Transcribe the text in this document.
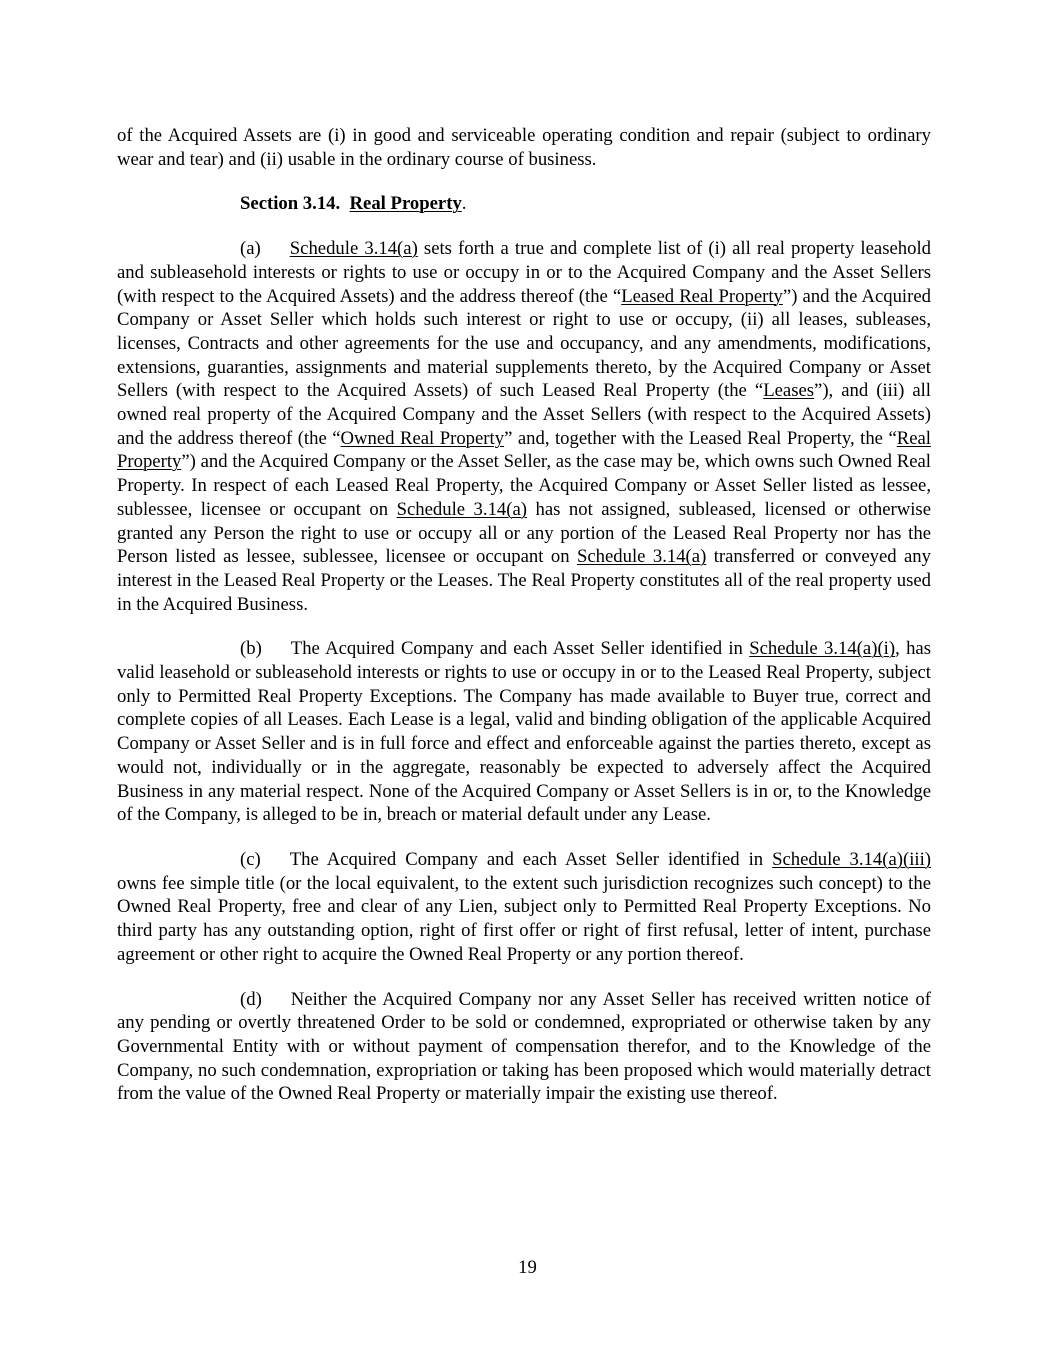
of the Acquired Assets are (i) in good and serviceable operating condition and repair (subject to ordinary wear and tear) and (ii) usable in the ordinary course of business.

Section 3.14. Real Property.

(a) Schedule 3.14(a) sets forth a true and complete list of (i) all real property leasehold and subleasehold interests or rights to use or occupy in or to the Acquired Company and the Asset Sellers (with respect to the Acquired Assets) and the address thereof (the “Leased Real Property”) and the Acquired Company or Asset Seller which holds such interest or right to use or occupy, (ii) all leases, subleases, licenses, Contracts and other agreements for the use and occupancy, and any amendments, modifications, extensions, guaranties, assignments and material supplements thereto, by the Acquired Company or Asset Sellers (with respect to the Acquired Assets) of such Leased Real Property (the “Leases”), and (iii) all owned real property of the Acquired Company and the Asset Sellers (with respect to the Acquired Assets) and the address thereof (the “Owned Real Property” and, together with the Leased Real Property, the “Real Property”) and the Acquired Company or the Asset Seller, as the case may be, which owns such Owned Real Property. In respect of each Leased Real Property, the Acquired Company or Asset Seller listed as lessee, sublessee, licensee or occupant on Schedule 3.14(a) has not assigned, subleased, licensed or otherwise granted any Person the right to use or occupy all or any portion of the Leased Real Property nor has the Person listed as lessee, sublessee, licensee or occupant on Schedule 3.14(a) transferred or conveyed any interest in the Leased Real Property or the Leases. The Real Property constitutes all of the real property used in the Acquired Business.

(b) The Acquired Company and each Asset Seller identified in Schedule 3.14(a)(i), has valid leasehold or subleasehold interests or rights to use or occupy in or to the Leased Real Property, subject only to Permitted Real Property Exceptions. The Company has made available to Buyer true, correct and complete copies of all Leases. Each Lease is a legal, valid and binding obligation of the applicable Acquired Company or Asset Seller and is in full force and effect and enforceable against the parties thereto, except as would not, individually or in the aggregate, reasonably be expected to adversely affect the Acquired Business in any material respect. None of the Acquired Company or Asset Sellers is in or, to the Knowledge of the Company, is alleged to be in, breach or material default under any Lease.

(c) The Acquired Company and each Asset Seller identified in Schedule 3.14(a)(iii) owns fee simple title (or the local equivalent, to the extent such jurisdiction recognizes such concept) to the Owned Real Property, free and clear of any Lien, subject only to Permitted Real Property Exceptions. No third party has any outstanding option, right of first offer or right of first refusal, letter of intent, purchase agreement or other right to acquire the Owned Real Property or any portion thereof.

(d) Neither the Acquired Company nor any Asset Seller has received written notice of any pending or overtly threatened Order to be sold or condemned, expropriated or otherwise taken by any Governmental Entity with or without payment of compensation therefor, and to the Knowledge of the Company, no such condemnation, expropriation or taking has been proposed which would materially detract from the value of the Owned Real Property or materially impair the existing use thereof.

19
